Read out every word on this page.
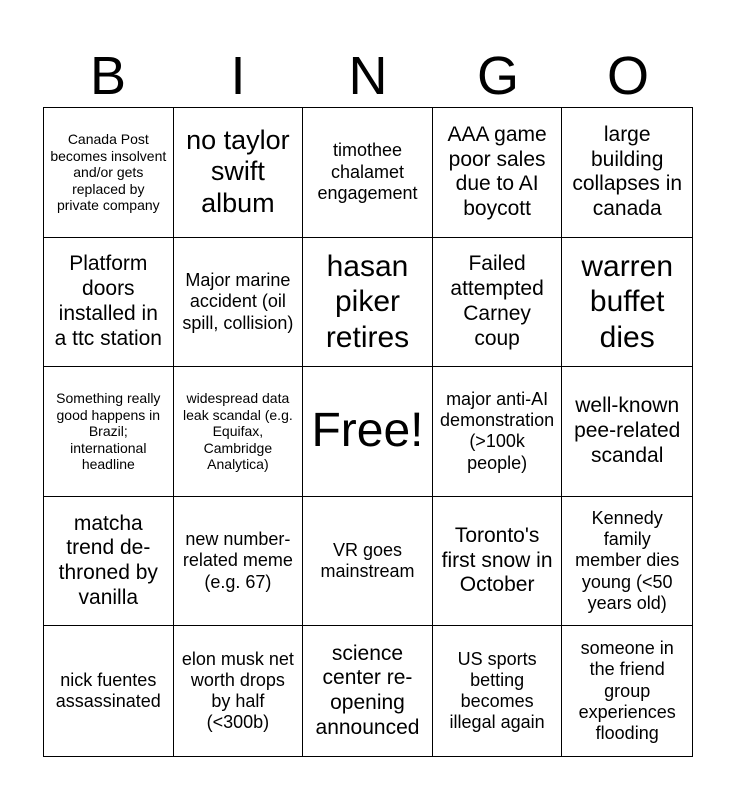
B	I	N	G	O
Canada Post becomes insolvent and/or gets replaced by private company
no taylor swift album
timothee chalamet engagement
AAA game poor sales due to AI boycott
large building collapses in canada
Platform doors installed in a ttc station
Major marine accident (oil spill, collision)
hasan piker retires
Failed attempted Carney coup
warren buffet dies
Something really good happens in Brazil; international headline
widespread data leak scandal (e.g. Equifax, Cambridge Analytica)
Free!
major anti-AI demonstration (>100k people)
well-known pee-related scandal
matcha trend de-throned by vanilla
new number-related meme (e.g. 67)
VR goes mainstream
Toronto's first snow in October
Kennedy family member dies young (<50 years old)
nick fuentes assassinated
elon musk net worth drops by half (<300b)
science center re-opening announced
US sports betting becomes illegal again
someone in the friend group experiences flooding
